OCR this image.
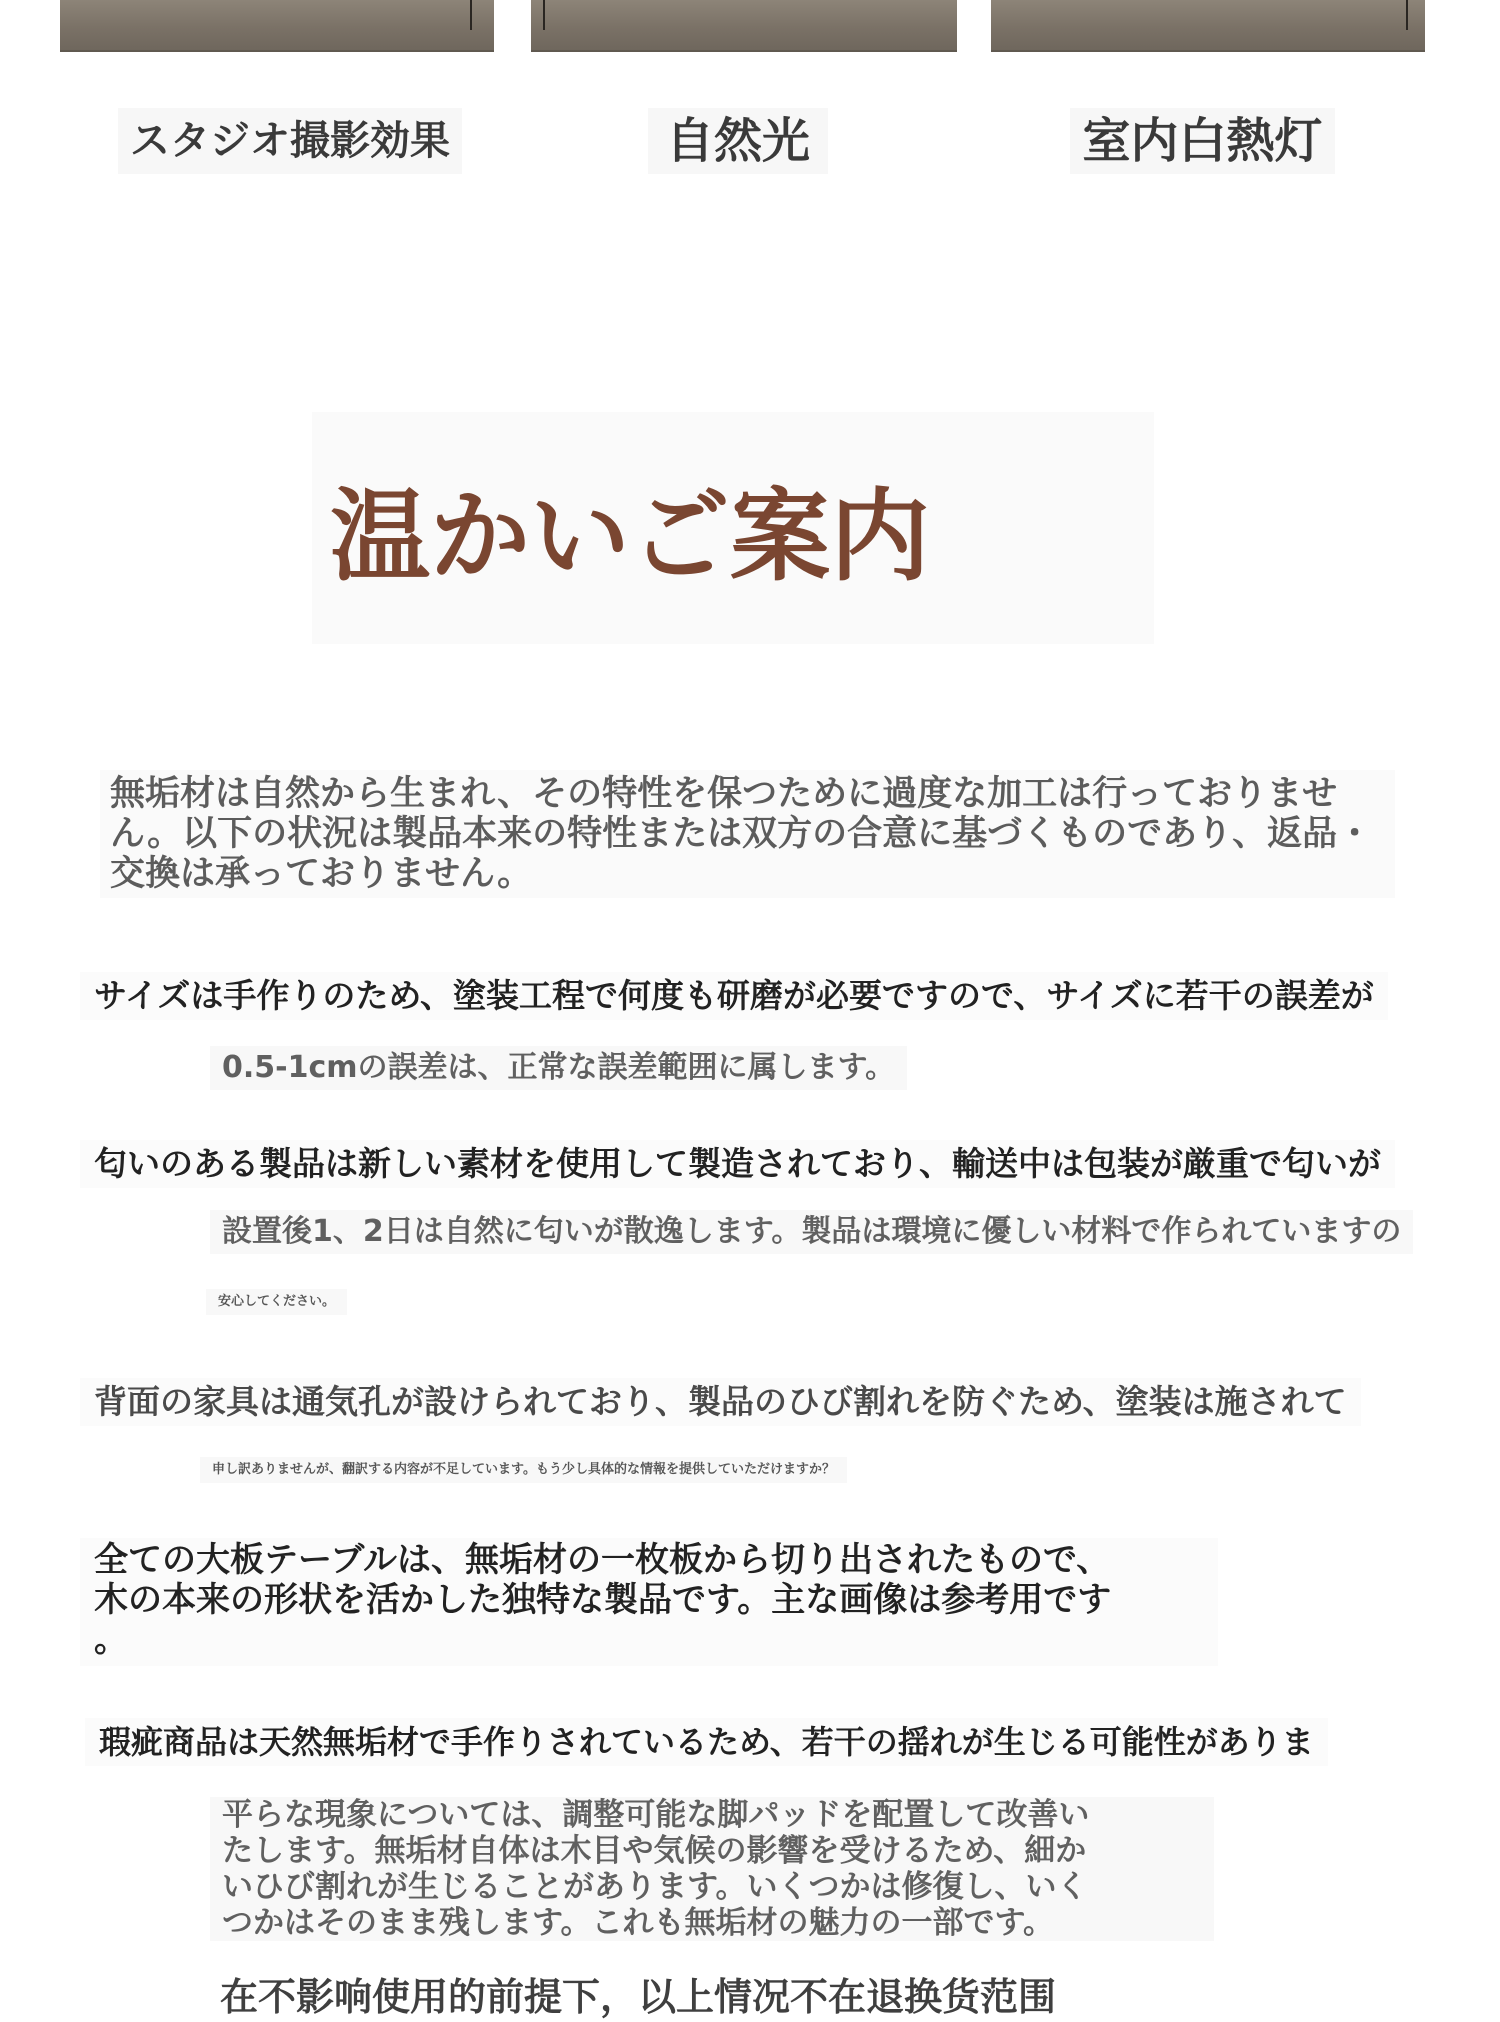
スタジオ撮影効果	自然光	室内白熱灯
温かいご案内
無垢材は自然から生まれ、その特性を保つために過度な加工は行っておりません。以下の状況は製品本来の特性または双方の合意に基づくものであり、返品・交換は承っておりません。
サイズは手作りのため、塗装工程で何度も研磨が必要ですので、サイズに若干の誤差が
0.5-1cmの誤差は、正常な誤差範囲に属します。
匂いのある製品は新しい素材を使用して製造されており、輸送中は包装が厳重で匂いが
設置後1、2日は自然に匂いが散逸します。製品は環境に優しい材料で作られていますの
安心してください。
背面の家具は通気孔が設けられており、製品のひび割れを防ぐため、塗装は施されて
申し訳ありませんが、翻訳する内容が不足しています。もう少し具体的な情報を提供していただけますか？
全ての大板テーブルは、無垢材の一枚板から切り出されたもので、
木の本来の形状を活かした独特な製品です。主な画像は参考用です
。
瑕疵商品は天然無垢材で手作りされているため、若干の揺れが生じる可能性がありま
平らな現象については、調整可能な脚パッドを配置して改善い
たします。無垢材自体は木目や気候の影響を受けるため、細か
いひび割れが生じることがあります。いくつかは修復し、いく
つかはそのまま残します。これも無垢材の魅力の一部です。
在不影响使用的前提下，以上情况不在退换货范围
